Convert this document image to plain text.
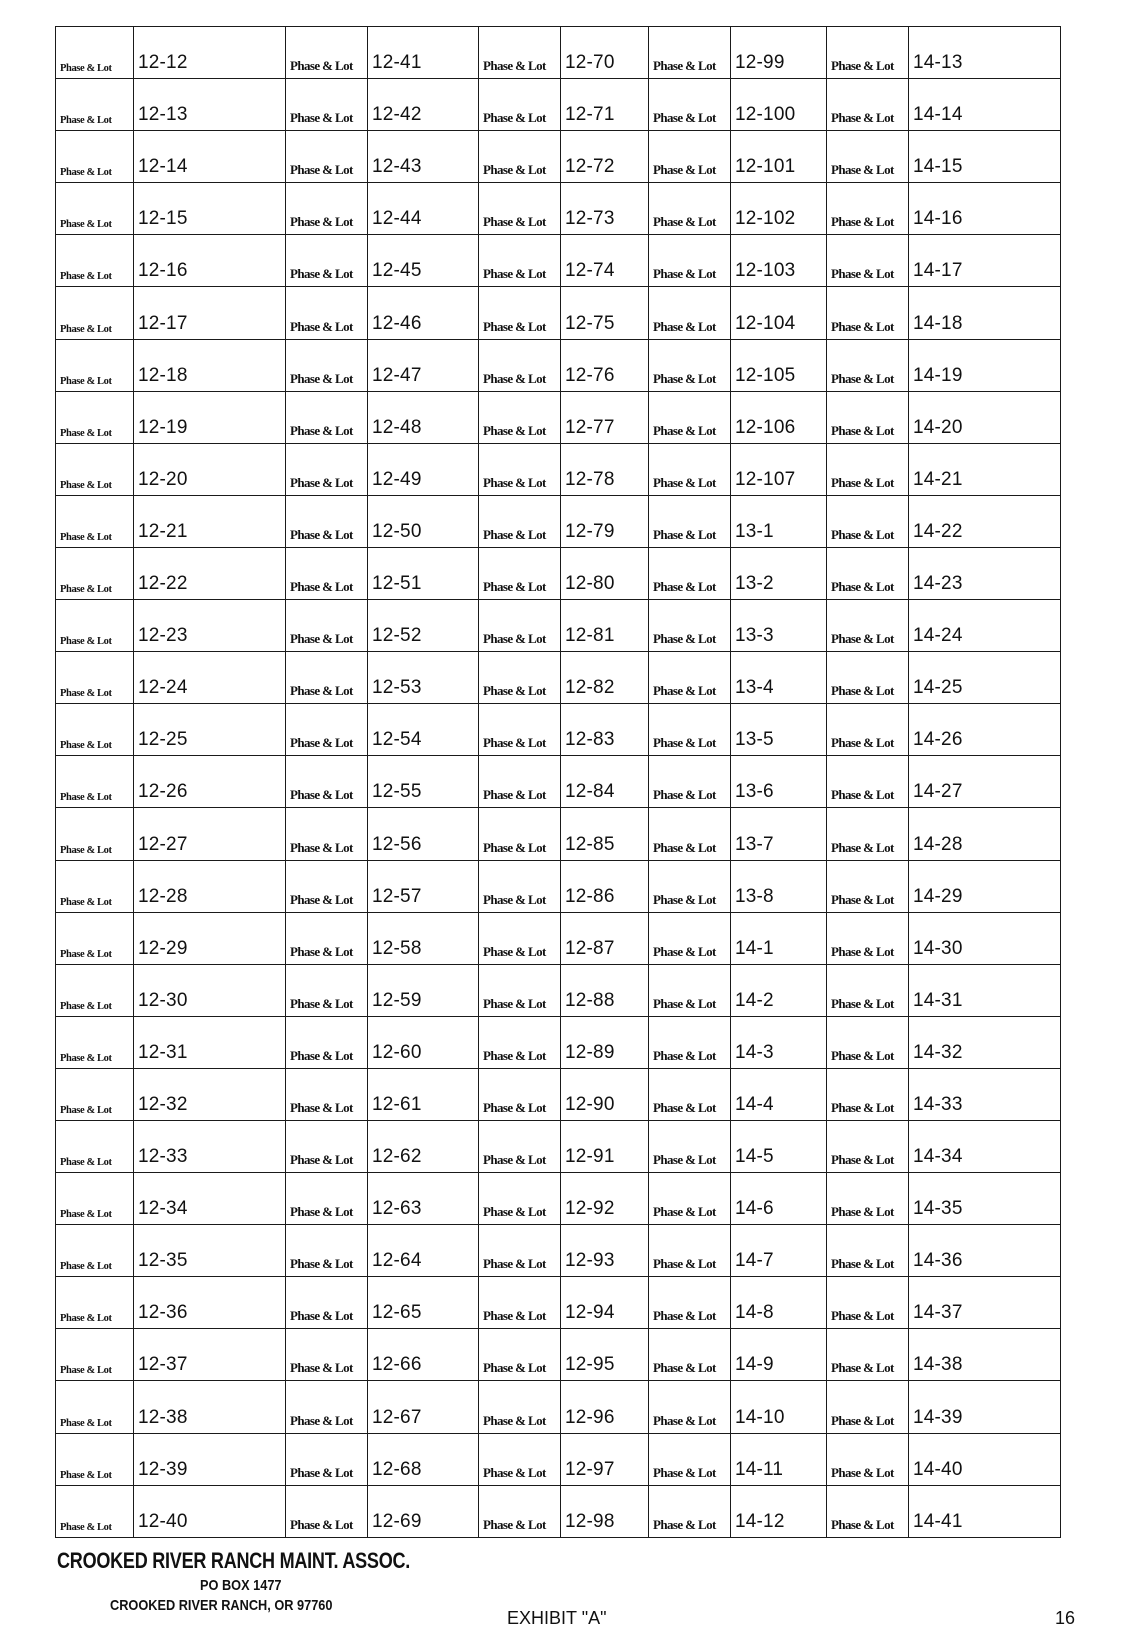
Phase & Lot	12-12	Phase & Lot	12-41	Phase & Lot	12-70	Phase & Lot	12-99	Phase & Lot	14-13
Phase & Lot	12-13	Phase & Lot	12-42	Phase & Lot	12-71	Phase & Lot	12-100	Phase & Lot	14-14
Phase & Lot	12-14	Phase & Lot	12-43	Phase & Lot	12-72	Phase & Lot	12-101	Phase & Lot	14-15
Phase & Lot	12-15	Phase & Lot	12-44	Phase & Lot	12-73	Phase & Lot	12-102	Phase & Lot	14-16
Phase & Lot	12-16	Phase & Lot	12-45	Phase & Lot	12-74	Phase & Lot	12-103	Phase & Lot	14-17
Phase & Lot	12-17	Phase & Lot	12-46	Phase & Lot	12-75	Phase & Lot	12-104	Phase & Lot	14-18
Phase & Lot	12-18	Phase & Lot	12-47	Phase & Lot	12-76	Phase & Lot	12-105	Phase & Lot	14-19
Phase & Lot	12-19	Phase & Lot	12-48	Phase & Lot	12-77	Phase & Lot	12-106	Phase & Lot	14-20
Phase & Lot	12-20	Phase & Lot	12-49	Phase & Lot	12-78	Phase & Lot	12-107	Phase & Lot	14-21
Phase & Lot	12-21	Phase & Lot	12-50	Phase & Lot	12-79	Phase & Lot	13-1	Phase & Lot	14-22
Phase & Lot	12-22	Phase & Lot	12-51	Phase & Lot	12-80	Phase & Lot	13-2	Phase & Lot	14-23
Phase & Lot	12-23	Phase & Lot	12-52	Phase & Lot	12-81	Phase & Lot	13-3	Phase & Lot	14-24
Phase & Lot	12-24	Phase & Lot	12-53	Phase & Lot	12-82	Phase & Lot	13-4	Phase & Lot	14-25
Phase & Lot	12-25	Phase & Lot	12-54	Phase & Lot	12-83	Phase & Lot	13-5	Phase & Lot	14-26
Phase & Lot	12-26	Phase & Lot	12-55	Phase & Lot	12-84	Phase & Lot	13-6	Phase & Lot	14-27
Phase & Lot	12-27	Phase & Lot	12-56	Phase & Lot	12-85	Phase & Lot	13-7	Phase & Lot	14-28
Phase & Lot	12-28	Phase & Lot	12-57	Phase & Lot	12-86	Phase & Lot	13-8	Phase & Lot	14-29
Phase & Lot	12-29	Phase & Lot	12-58	Phase & Lot	12-87	Phase & Lot	14-1	Phase & Lot	14-30
Phase & Lot	12-30	Phase & Lot	12-59	Phase & Lot	12-88	Phase & Lot	14-2	Phase & Lot	14-31
Phase & Lot	12-31	Phase & Lot	12-60	Phase & Lot	12-89	Phase & Lot	14-3	Phase & Lot	14-32
Phase & Lot	12-32	Phase & Lot	12-61	Phase & Lot	12-90	Phase & Lot	14-4	Phase & Lot	14-33
Phase & Lot	12-33	Phase & Lot	12-62	Phase & Lot	12-91	Phase & Lot	14-5	Phase & Lot	14-34
Phase & Lot	12-34	Phase & Lot	12-63	Phase & Lot	12-92	Phase & Lot	14-6	Phase & Lot	14-35
Phase & Lot	12-35	Phase & Lot	12-64	Phase & Lot	12-93	Phase & Lot	14-7	Phase & Lot	14-36
Phase & Lot	12-36	Phase & Lot	12-65	Phase & Lot	12-94	Phase & Lot	14-8	Phase & Lot	14-37
Phase & Lot	12-37	Phase & Lot	12-66	Phase & Lot	12-95	Phase & Lot	14-9	Phase & Lot	14-38
Phase & Lot	12-38	Phase & Lot	12-67	Phase & Lot	12-96	Phase & Lot	14-10	Phase & Lot	14-39
Phase & Lot	12-39	Phase & Lot	12-68	Phase & Lot	12-97	Phase & Lot	14-11	Phase & Lot	14-40
Phase & Lot	12-40	Phase & Lot	12-69	Phase & Lot	12-98	Phase & Lot	14-12	Phase & Lot	14-41
CROOKED RIVER RANCH MAINT. ASSOC.
PO BOX 1477
CROOKED RIVER RANCH, OR 97760
EXHIBIT "A"	16
